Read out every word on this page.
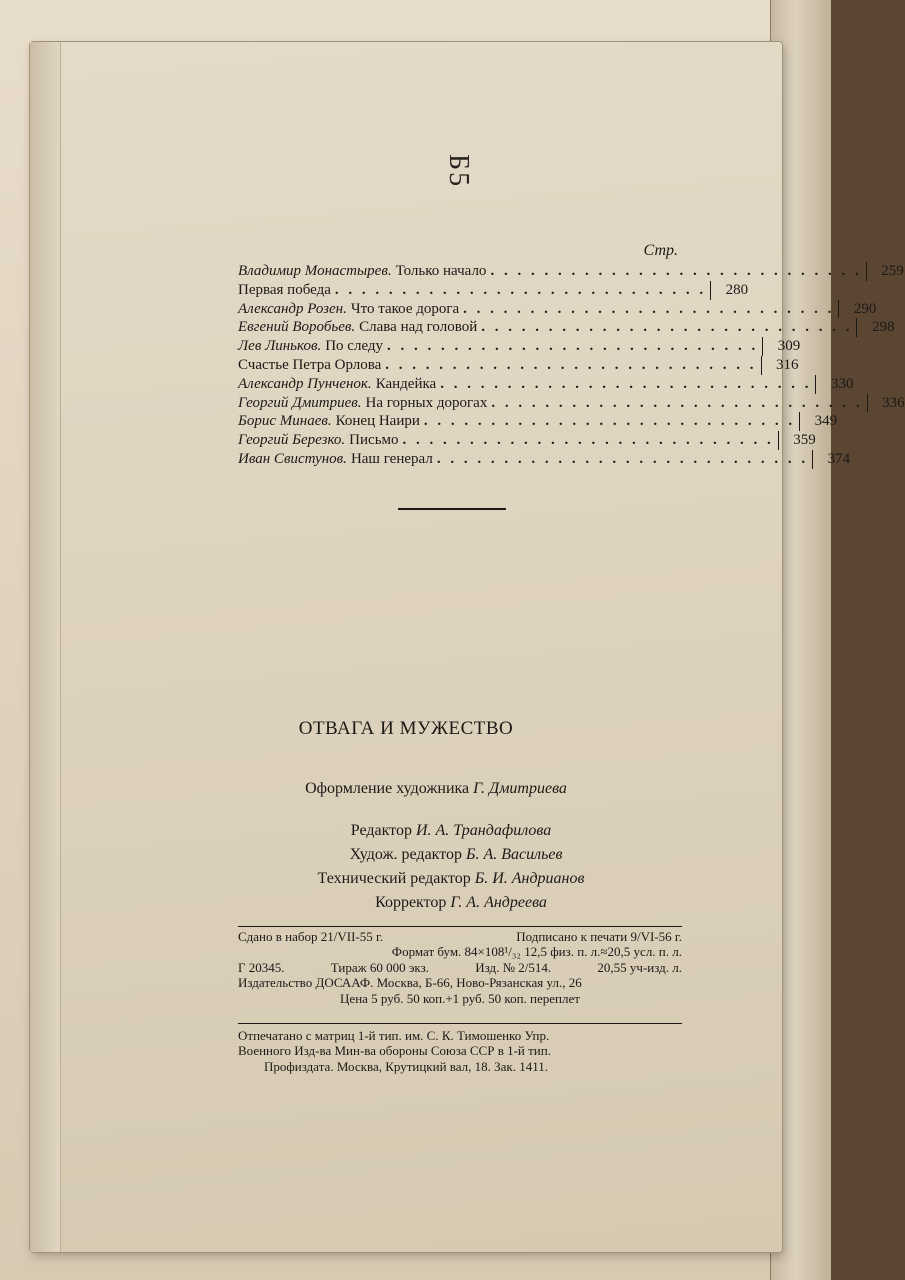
Б5
Стр.
Владимир Монастырев. Только начало . . . . . . . . . . . . . . . . . . . . . . . . . . . .	259
Первая победа . . . . . . . . . . . . . . . . . . . . . . . . . . . .	280
Александр Розен. Что такое дорога . . . . . . . . . . . . . . . . . . . . . . . . . . . .	290
Евгений Воробьев. Слава над головой . . . . . . . . . . . . . . . . . . . . . . . . . . . .	298
Лев Линьков. По следу . . . . . . . . . . . . . . . . . . . . . . . . . . . .	309
Счастье Петра Орлова . . . . . . . . . . . . . . . . . . . . . . . . . . . .	316
Александр Пунченок. Кандейка . . . . . . . . . . . . . . . . . . . . . . . . . . . .	330
Георгий Дмитриев. На горных дорогах . . . . . . . . . . . . . . . . . . . . . . . . . . . .	336
Борис Минаев. Конец Наири . . . . . . . . . . . . . . . . . . . . . . . . . . . .	349
Георгий Березко. Письмо . . . . . . . . . . . . . . . . . . . . . . . . . . . .	359
Иван Свистунов. Наш генерал . . . . . . . . . . . . . . . . . . . . . . . . . . . .	374
ОТВАГА И МУЖЕСТВО
Оформление художника Г. Дмитриева
Редактор И. А. Трандафилова
Худож. редактор Б. А. Васильев
Технический редактор Б. И. Андрианов
Корректор Г. А. Андреева
Сдано в набор 21/VII-55 г.	Подписано к печати 9/VI-56 г.
Формат бум. 84×108¹/₃₂ 12,5 физ. п. л.≈20,5 усл. п. л.
Г 20345.	Тираж 60 000 экз.	Изд. № 2/514.	20,55 уч-изд. л.
Издательство ДОСААФ. Москва, Б-66, Ново-Рязанская ул., 26
Цена 5 руб. 50 коп.+1 руб. 50 коп. переплет
Отпечатано с матриц 1-й тип. им. С. К. Тимошенко Упр.
Военного Изд-ва Мин-ва обороны Союза ССР в 1-й тип.
Профиздата. Москва, Крутицкий вал, 18. Зак. 1411.
